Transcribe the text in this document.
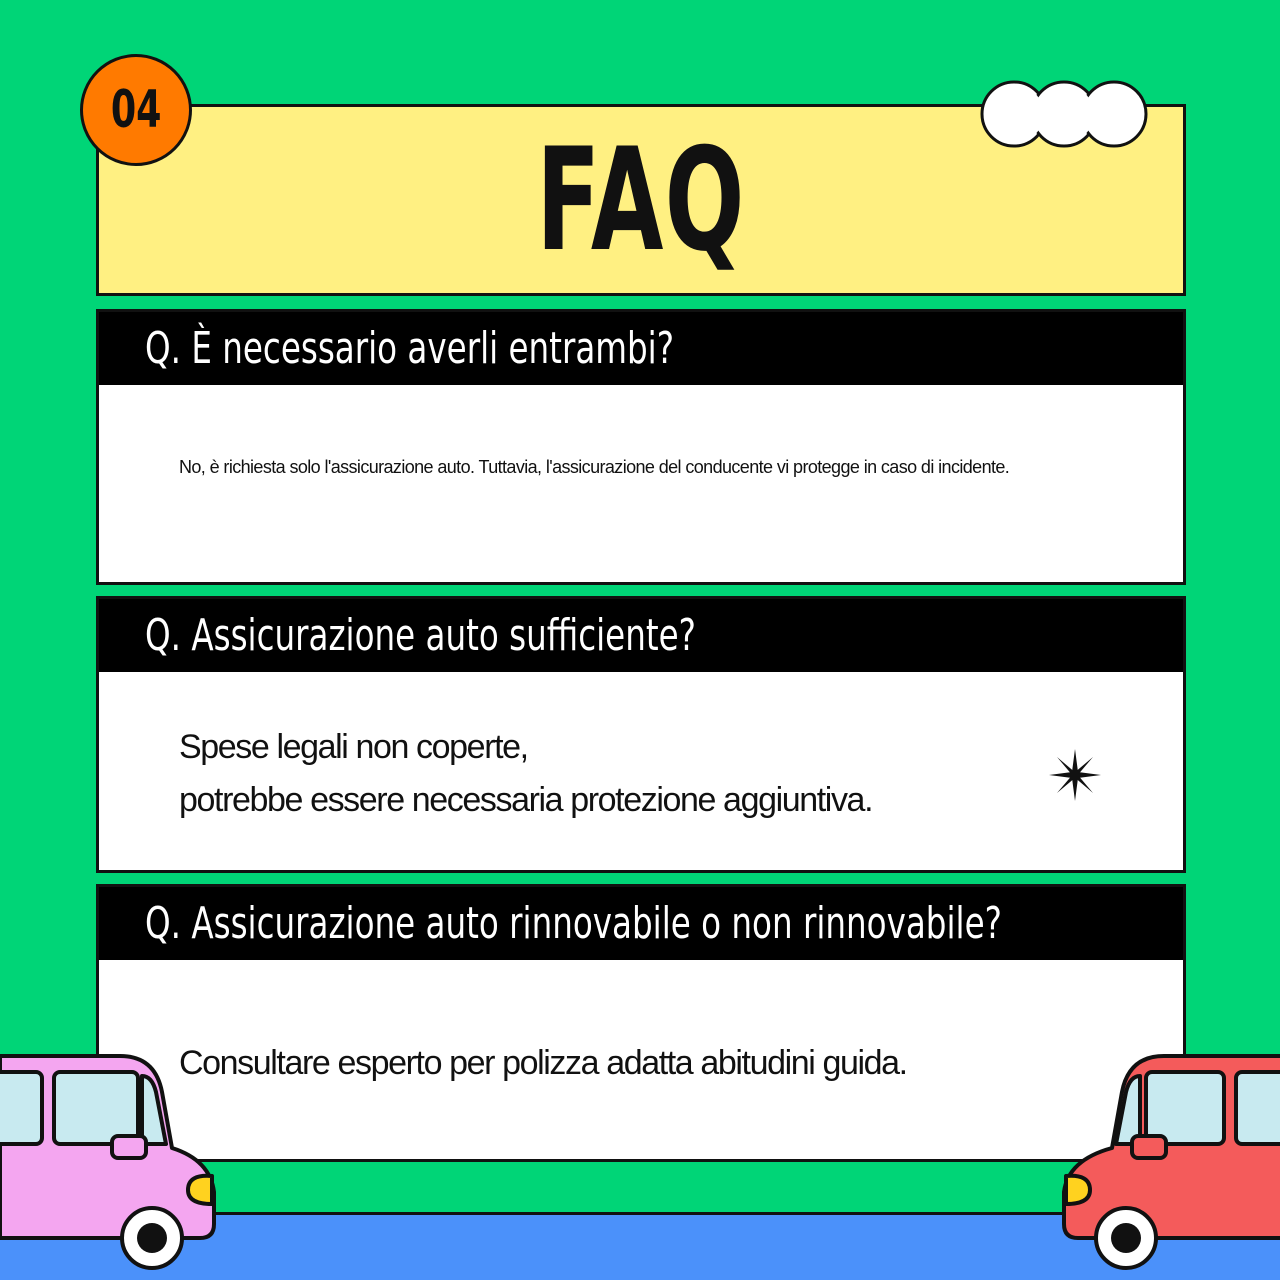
FAQ
04
Q. È necessario averli entrambi?
No, è richiesta solo l'assicurazione auto. Tuttavia, l'assicurazione del conducente vi protegge in caso di incidente.
Q. Assicurazione auto sufficiente?
Spese legali non coperte,
potrebbe essere necessaria protezione aggiuntiva.
Q. Assicurazione auto rinnovabile o non rinnovabile?
Consultare esperto per polizza adatta abitudini guida.
